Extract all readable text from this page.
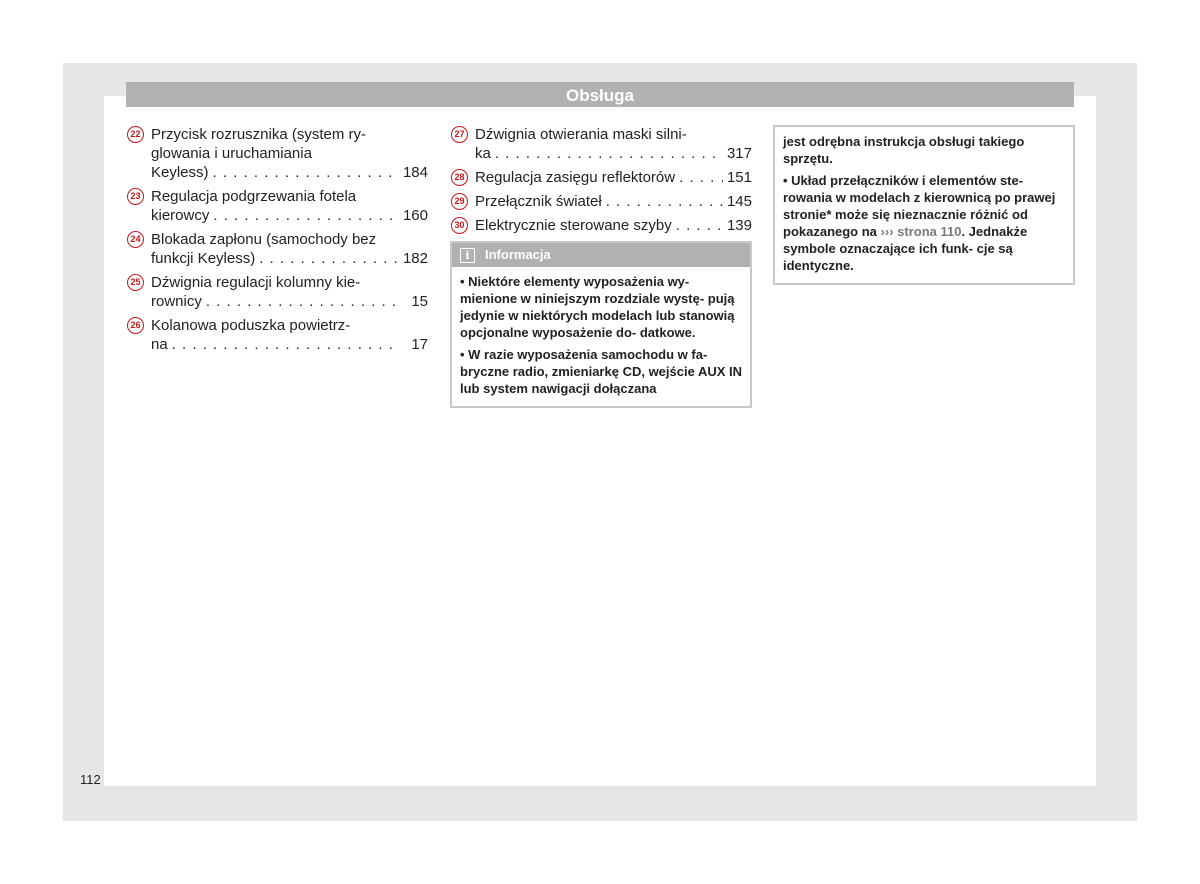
Obsługa
22 Przycisk rozrusznika (system ry-
glowania i uruchamiania
Keyless) . . .	184
23 Regulacja podgrzewania fotela
kierowcy . . .	160
24 Blokada zapłonu (samochody bez
funkcji Keyless) . . .	182
25 Dźwignia regulacji kolumny kie-
rownicy . . .	15
26 Kolanowa poduszka powietrz-
na . . .	17
27 Dźwignia otwierania maski silni-
ka . . .	317
28 Regulacja zasięgu reflektorów . . .	151
29 Przełącznik świateł . . .	145
30 Elektrycznie sterowane szyby . . .	139
i	Informacja

• Niektóre elementy wyposażenia wy- mienione w niniejszym rozdziale wystę- pują jedynie w niektórych modelach lub stanowią opcjonalne wyposażenie do- datkowe.

• W razie wyposażenia samochodu w fa- bryczne radio, zmieniarkę CD, wejście AUX IN lub system nawigacji dołączana

jest odrębna instrukcja obsługi takiego sprzętu.

• Układ przełączników i elementów ste- rowania w modelach z kierownicą po prawej stronie* może się nieznacznie różnić od pokazanego na ››› strona 110. Jednakże symbole oznaczające ich funk- cje są identyczne.

112
